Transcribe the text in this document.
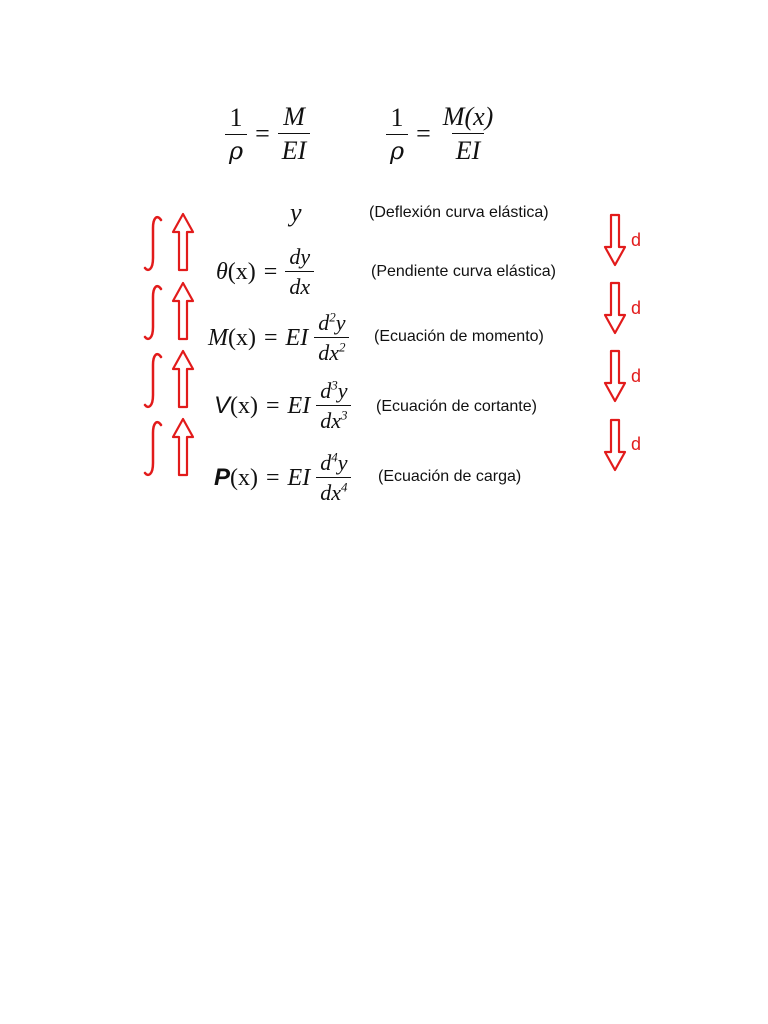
$\frac{1}{\rho} = \frac{M}{EI}$	$\frac{1}{\rho} = \frac{M(x)}{EI}$
y	(Deflexión curva elástica)
θ $(x) = \frac{dy}{dx}$	(Pendiente curva elástica)
M (x) = EI $\frac{d^2y}{dx^2}$ (Ecuación de momento)
V (x) = EI $\frac{d^3y}{dx^3}$ (Ecuación de cortante)
P (x) = EI $\frac{d^4y}{dx^4}$ (Ecuación de carga)
d
d
d
d
